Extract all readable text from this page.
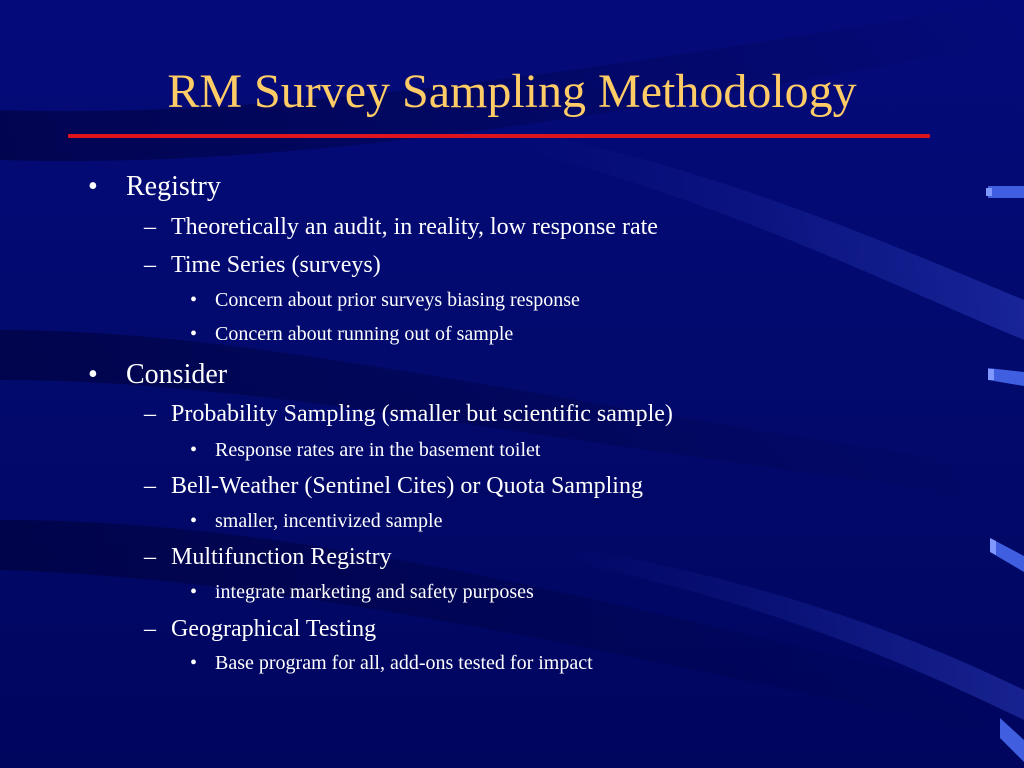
RM Survey Sampling Methodology
• Registry
– Theoretically an audit, in reality, low response rate
– Time Series (surveys)
• Concern about prior surveys biasing response
• Concern about running out of sample
• Consider
– Probability Sampling (smaller but scientific sample)
• Response rates are in the basement toilet
– Bell-Weather (Sentinel Cites) or Quota Sampling
• smaller, incentivized sample
– Multifunction Registry
• integrate marketing and safety purposes
– Geographical Testing
• Base program for all, add-ons tested for impact
